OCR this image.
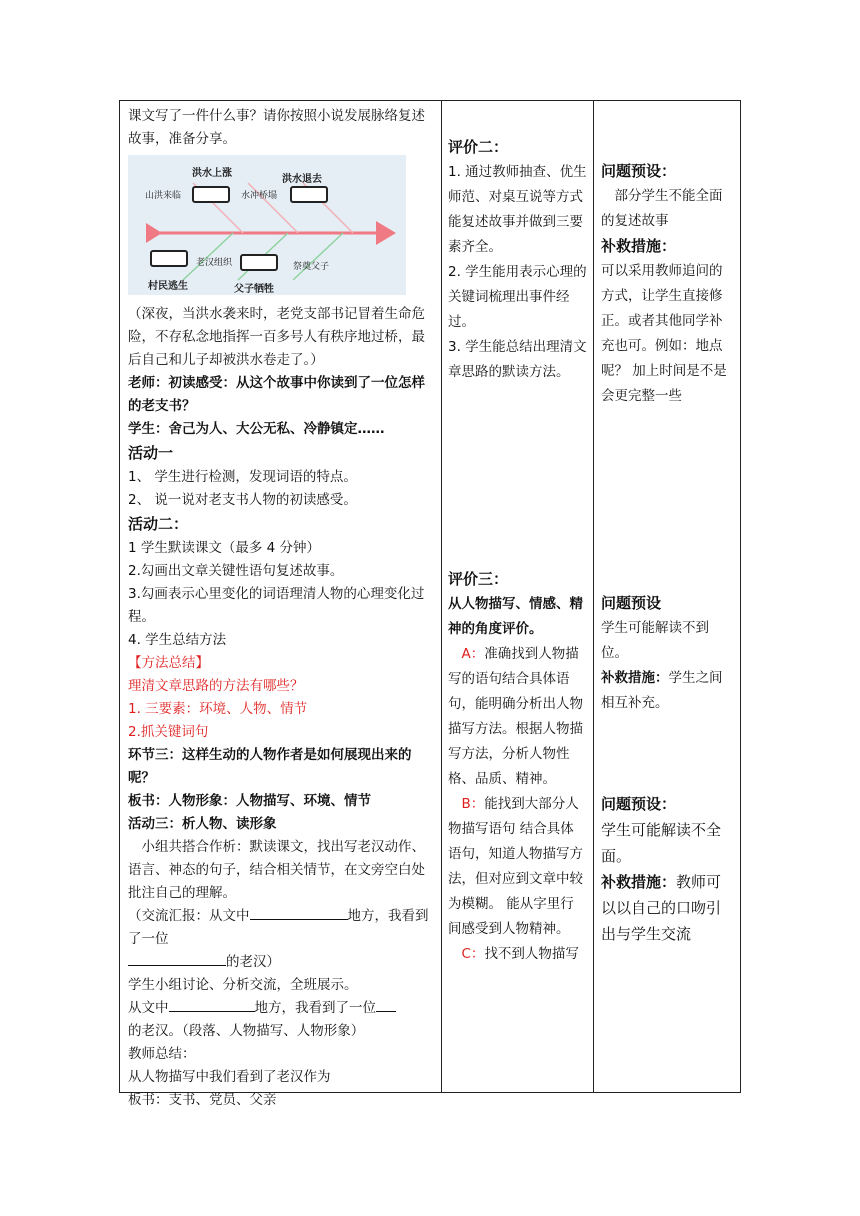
课文写了一件什么事？请你按照小说发展脉络复述故事，准备分享。

洪水上涨
洪水退去
山洪来临	水冲桥塌
老汉组织	祭奠父子
村民逃生	父子牺牲

（深夜，当洪水袭来时，老党支部书记冒着生命危险，不存私念地指挥一百多号人有秩序地过桥，最后自己和儿子却被洪水卷走了。）

老师：初读感受：从这个故事中你读到了一位怎样的老支书？

学生：舍己为人、大公无私、冷静镇定……

活动一

1、 学生进行检测，发现词语的特点。

2、 说一说对老支书人物的初读感受。

活动二：

1 学生默读课文（最多 4 分钟）

2.勾画出文章关键性语句复述故事。

3.勾画表示心里变化的词语理清人物的心理变化过程。

4. 学生总结方法

【方法总结】

理清文章思路的方法有哪些？

1. 三要素：环境、人物、情节

2.抓关键词句

环节三：这样生动的人物作者是如何展现出来的呢？

板书：人物形象：人物描写、环境、情节

活动三：析人物、读形象

小组共搭合作析：默读课文，找出写老汉动作、语言、神态的句子，结合相关情节，在文旁空白处批注自己的理解。

（交流汇报：从文中	地方，我看到了一位

的老汉）

学生小组讨论、分析交流，全班展示。

从文中	地方，我看到了一位

的老汉。（段落、人物描写、人物形象）

教师总结：

从人物描写中我们看到了老汉作为

板书：支书、党员、父亲

评价二：

1. 通过教师抽查、优生师范、对桌互说等方式能复述故事并做到三要素齐全。

2. 学生能用表示心理的关键词梳理出事件经过。

3. 学生能总结出理清文章思路的默读方法。

评价三：

从人物描写、情感、精神的角度评价。

A：准确找到人物描写的语句结合具体语句，能明确分析出人物描写方法。根据人物描写方法，分析人物性格、品质、精神。

B：能找到大部分人物描写语句 结合具体语句，知道人物描写方法，但对应到文章中较为模糊。 能从字里行间感受到人物精神。

C：找不到人物描写

问题预设：

部分学生不能全面的复述故事

补救措施：

可以采用教师追问的方式，让学生直接修正。或者其他同学补充也可。例如：地点呢？ 加上时间是不是会更完整一些

问题预设

学生可能解读不到位。

补救措施：学生之间相互补充。

问题预设：

学生可能解读不全面。

补救措施：教师可以以自己的口吻引出与学生交流
